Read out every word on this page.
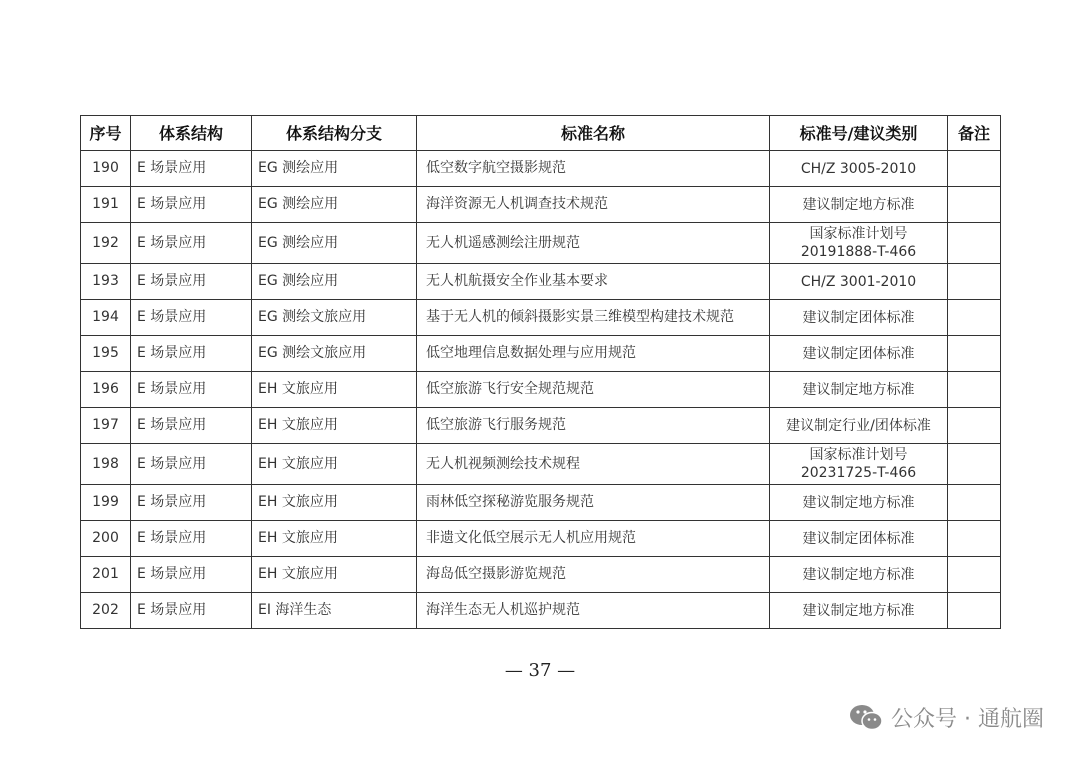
序号	体系结构	体系结构分支	标准名称	标准号/建议类别	备注
190	E 场景应用	EG 测绘应用	低空数字航空摄影规范	CH/Z 3005-2010	
191	E 场景应用	EG 测绘应用	海洋资源无人机调查技术规范	建议制定地方标准	
192	E 场景应用	EG 测绘应用	无人机遥感测绘注册规范	国家标准计划号 20191888-T-466	
193	E 场景应用	EG 测绘应用	无人机航摄安全作业基本要求	CH/Z 3001-2010	
194	E 场景应用	EG 测绘文旅应用	基于无人机的倾斜摄影实景三维模型构建技术规范	建议制定团体标准	
195	E 场景应用	EG 测绘文旅应用	低空地理信息数据处理与应用规范	建议制定团体标准	
196	E 场景应用	EH 文旅应用	低空旅游飞行安全规范规范	建议制定地方标准	
197	E 场景应用	EH 文旅应用	低空旅游飞行服务规范	建议制定行业/团体标准	
198	E 场景应用	EH 文旅应用	无人机视频测绘技术规程	国家标准计划号 20231725-T-466	
199	E 场景应用	EH 文旅应用	雨林低空探秘游览服务规范	建议制定地方标准	
200	E 场景应用	EH 文旅应用	非遗文化低空展示无人机应用规范	建议制定团体标准	
201	E 场景应用	EH 文旅应用	海岛低空摄影游览规范	建议制定地方标准	
202	E 场景应用	EI 海洋生态	海洋生态无人机巡护规范	建议制定地方标准	
— 37 —
公众号 · 通航圈
